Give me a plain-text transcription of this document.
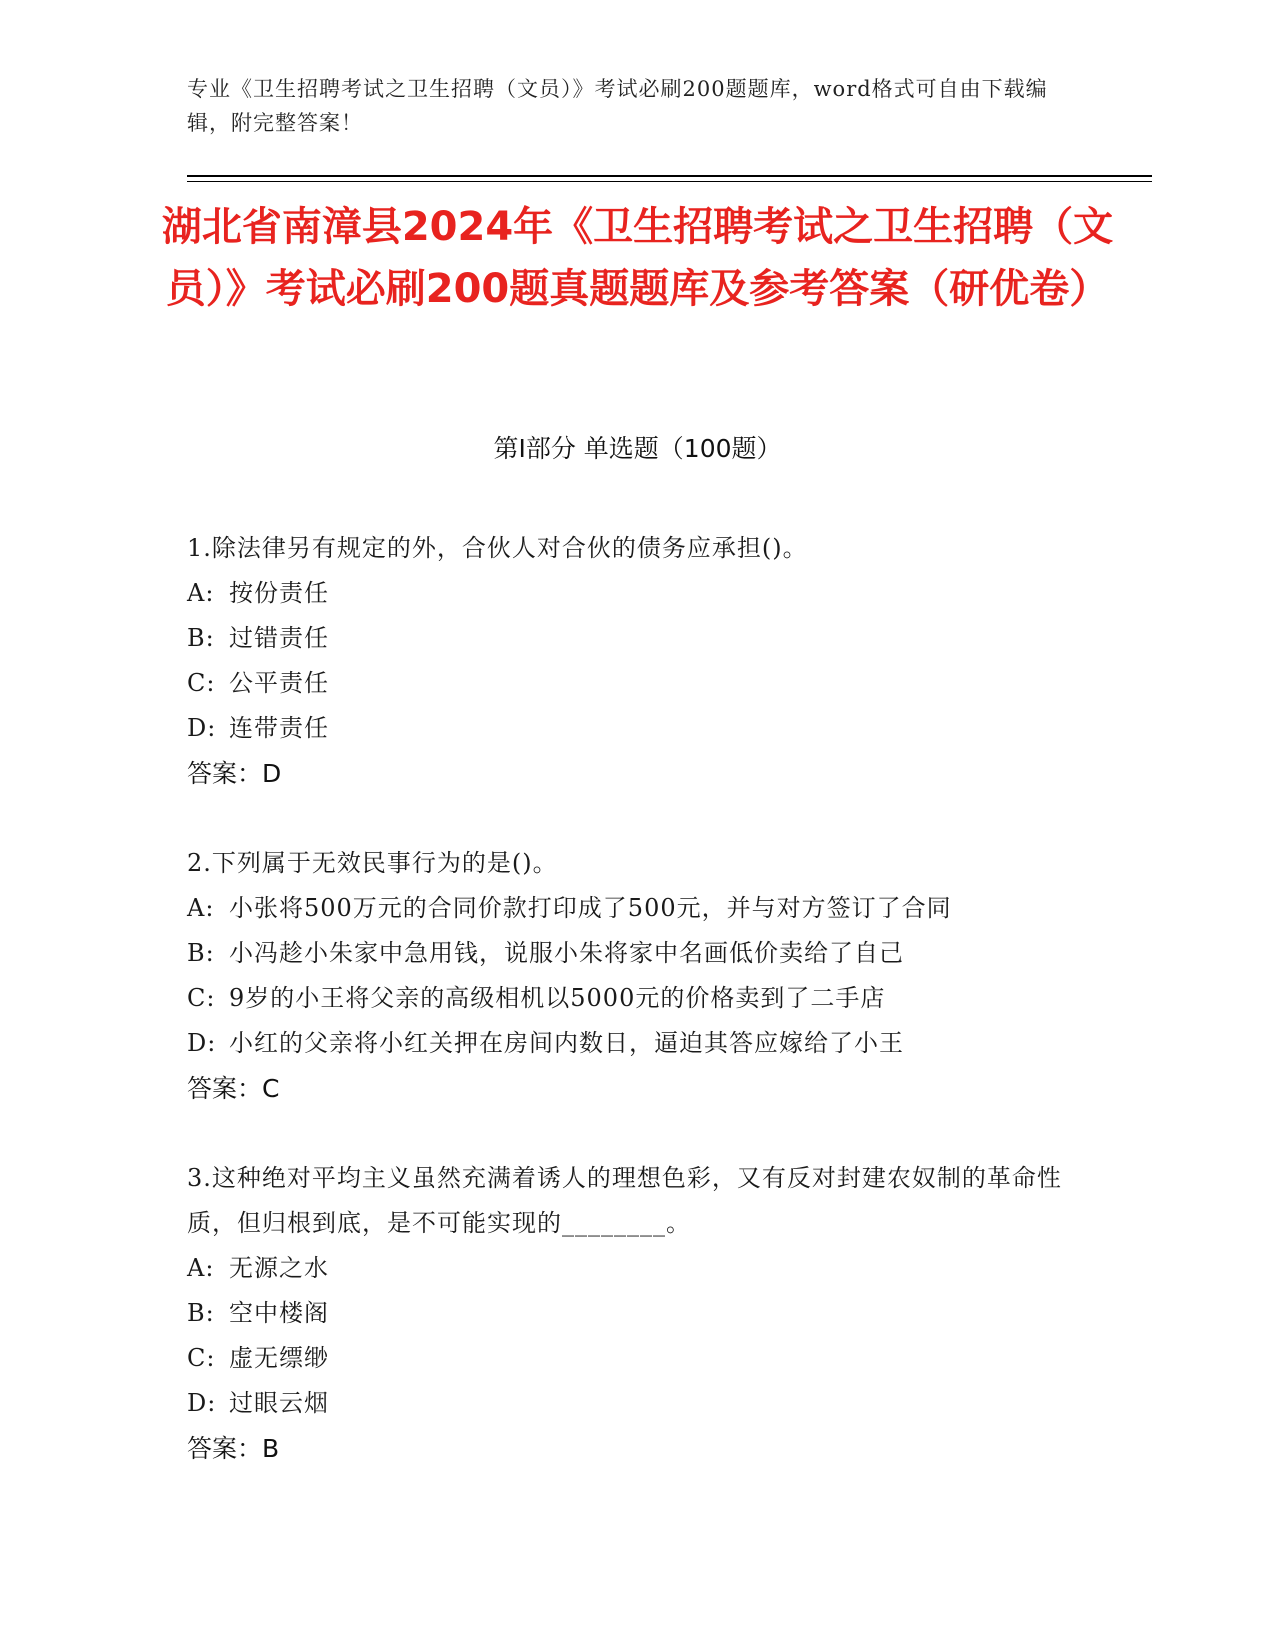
专业《卫生招聘考试之卫生招聘（文员）》考试必刷200题题库，word格式可自由下载编辑，附完整答案！
湖北省南漳县2024年《卫生招聘考试之卫生招聘（文员）》考试必刷200题真题题库及参考答案（研优卷）
第Ⅰ部分 单选题（100题）
1.除法律另有规定的外，合伙人对合伙的债务应承担()。
A: 按份责任
B: 过错责任
C: 公平责任
D: 连带责任
答案：D
2.下列属于无效民事行为的是()。
A: 小张将500万元的合同价款打印成了500元，并与对方签订了合同
B: 小冯趁小朱家中急用钱，说服小朱将家中名画低价卖给了自己
C: 9岁的小王将父亲的高级相机以5000元的价格卖到了二手店
D: 小红的父亲将小红关押在房间内数日，逼迫其答应嫁给了小王
答案：C
3.这种绝对平均主义虽然充满着诱人的理想色彩，又有反对封建农奴制的革命性质，但归根到底，是不可能实现的________。
A: 无源之水
B: 空中楼阁
C: 虚无缥缈
D: 过眼云烟
答案：B
